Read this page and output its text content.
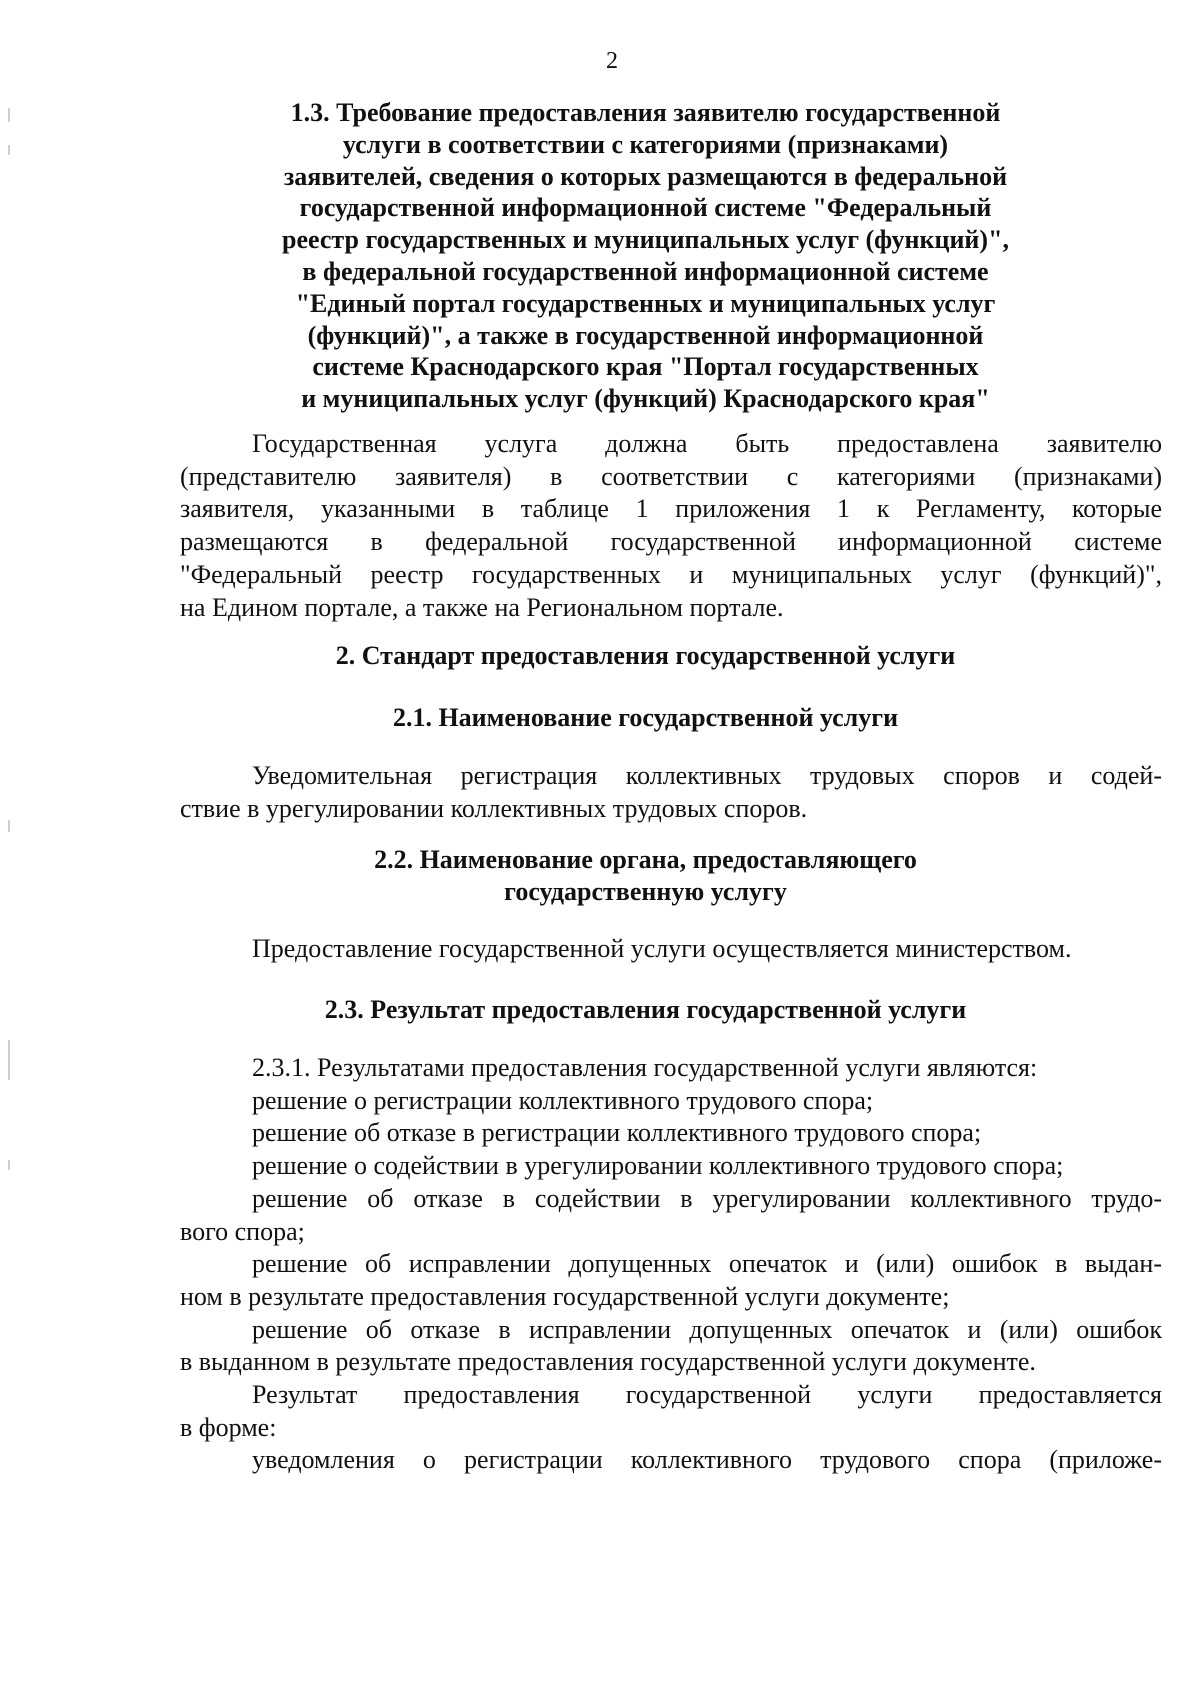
2

1.3. Требование предоставления заявителю государственной
услуги в соответствии с категориями (признаками)
заявителей, сведения о которых размещаются в федеральной
государственной информационной системе "Федеральный
реестр государственных и муниципальных услуг (функций)",
в федеральной государственной информационной системе
"Единый портал государственных и муниципальных услуг
(функций)", а также в государственной информационной
системе Краснодарского края "Портал государственных
и муниципальных услуг (функций) Краснодарского края"

Государственная услуга должна быть предоставлена заявителю
(представителю заявителя) в соответствии с категориями (признаками)
заявителя, указанными в таблице 1 приложения 1 к Регламенту, которые
размещаются в федеральной государственной информационной системе
"Федеральный реестр государственных и муниципальных услуг (функций)",
на Едином портале, а также на Региональном портале.

2. Стандарт предоставления государственной услуги

2.1. Наименование государственной услуги

Уведомительная регистрация коллективных трудовых споров и содей-
ствие в урегулировании коллективных трудовых споров.

2.2. Наименование органа, предоставляющего
государственную услугу

Предоставление государственной услуги осуществляется министерством.

2.3. Результат предоставления государственной услуги

2.3.1. Результатами предоставления государственной услуги являются:
решение о регистрации коллективного трудового спора;
решение об отказе в регистрации коллективного трудового спора;
решение о содействии в урегулировании коллективного трудового спора;
решение об отказе в содействии в урегулировании коллективного трудо-
вого спора;
решение об исправлении допущенных опечаток и (или) ошибок в выдан-
ном в результате предоставления государственной услуги документе;
решение об отказе в исправлении допущенных опечаток и (или) ошибок
в выданном в результате предоставления государственной услуги документе.
Результат предоставления государственной услуги предоставляется
в форме:
уведомления о регистрации коллективного трудового спора (приложе-
